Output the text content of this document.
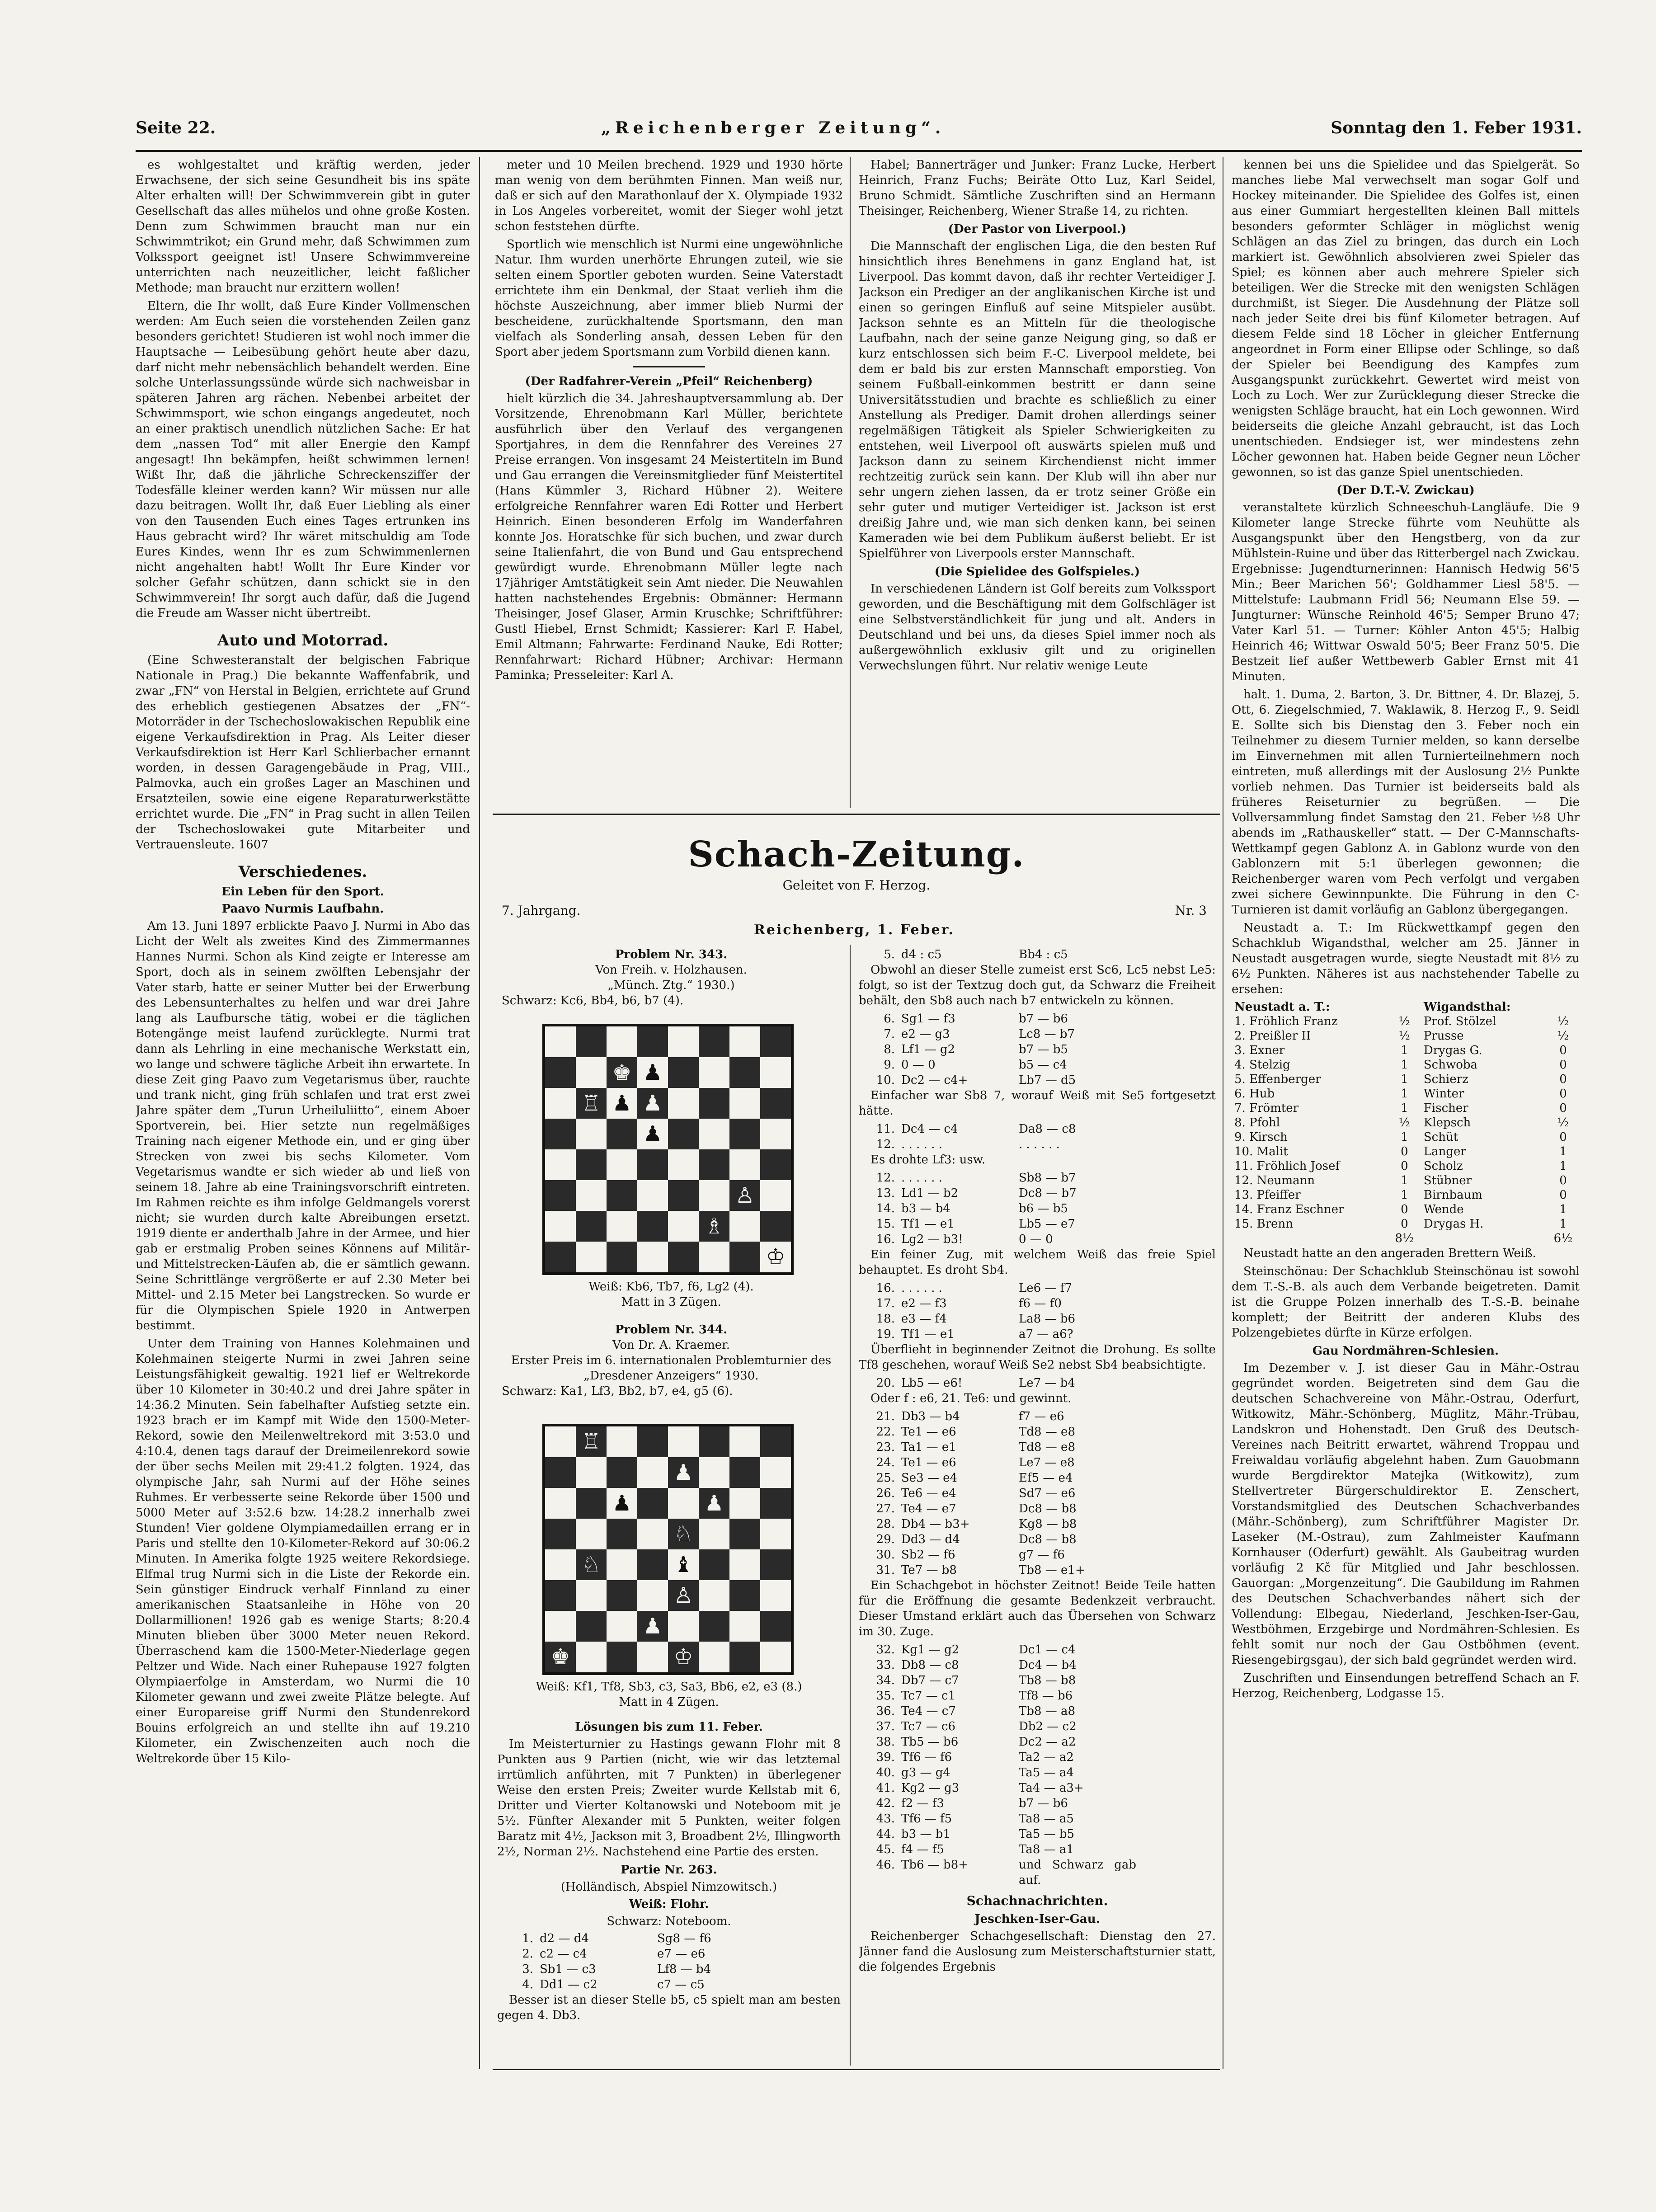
Seite 22.	„Reichenberger Zeitung“.	Sonntag den 1. Feber 1931.

es wohlgestaltet und kräftig werden, jeder Erwachsene, der sich seine Gesundheit bis ins späte Alter erhalten will! Der Schwimmverein gibt in guter Gesellschaft das alles mühelos und ohne große Kosten. Denn zum Schwimmen braucht man nur ein Schwimmtrikot; ein Grund mehr, daß Schwimmen zum Volkssport geeignet ist! Unsere Schwimmvereine unterrichten nach neuzeitlicher, leicht faßlicher Methode; man braucht nur erzittern wollen!

Eltern, die Ihr wollt, daß Eure Kinder Vollmenschen werden: Am Euch seien die vorstehenden Zeilen ganz besonders gerichtet! Studieren ist wohl noch immer die Hauptsache — Leibesübung gehört heute aber dazu, darf nicht mehr nebensächlich behandelt werden. Eine solche Unterlassungssünde würde sich nachweisbar in späteren Jahren arg rächen. Nebenbei arbeitet der Schwimmsport, wie schon eingangs angedeutet, noch an einer praktisch unendlich nützlichen Sache: Er hat dem „nassen Tod“ mit aller Energie den Kampf angesagt! Ihn bekämpfen, heißt schwimmen lernen! Wißt Ihr, daß die jährliche Schreckensziffer der Todesfälle kleiner werden kann? Wir müssen nur alle dazu beitragen. Wollt Ihr, daß Euer Liebling als einer von den Tausenden Euch eines Tages ertrunken ins Haus gebracht wird? Ihr wäret mitschuldig am Tode Eures Kindes, wenn Ihr es zum Schwimmenlernen nicht angehalten habt! Wollt Ihr Eure Kinder vor solcher Gefahr schützen, dann schickt sie in den Schwimmverein! Ihr sorgt auch dafür, daß die Jugend die Freude am Wasser nicht übertreibt.

Auto und Motorrad.

(Eine Schwesteranstalt der belgischen Fabrique Nationale in Prag.) Die bekannte Waffenfabrik, und zwar „FN“ von Herstal in Belgien, errichtete auf Grund des erheblich gestiegenen Absatzes der „FN“-Motorräder in der Tschechoslowakischen Republik eine eigene Verkaufsdirektion in Prag. Als Leiter dieser Verkaufsdirektion ist Herr Karl Schlierbacher ernannt worden, in dessen Garagengebäude in Prag, VIII., Palmovka, auch ein großes Lager an Maschinen und Ersatzteilen, sowie eine eigene Reparaturwerkstätte errichtet wurde. Die „FN“ in Prag sucht in allen Teilen der Tschechoslowakei gute Mitarbeiter und Vertrauensleute. 1607

Verschiedenes.
Ein Leben für den Sport.
Paavo Nurmis Laufbahn.

Am 13. Juni 1897 erblickte Paavo J. Nurmi in Abo das Licht der Welt als zweites Kind des Zimmermannes Hannes Nurmi. Schon als Kind zeigte er Interesse am Sport, doch als in seinem zwölften Lebensjahr der Vater starb, hatte er seiner Mutter bei der Erwerbung des Lebensunterhaltes zu helfen und war drei Jahre lang als Laufbursche tätig, wobei er die täglichen Botengänge meist laufend zurücklegte. Nurmi trat dann als Lehrling in eine mechanische Werkstatt ein, wo lange und schwere tägliche Arbeit ihn erwartete. In diese Zeit ging Paavo zum Vegetarismus über, rauchte und trank nicht, ging früh schlafen und trat erst zwei Jahre später dem „Turun Urheiluliitto“, einem Aboer Sportverein, bei. Hier setzte nun regelmäßiges Training nach eigener Methode ein, und er ging über Strecken von zwei bis sechs Kilometer. Vom Vegetarismus wandte er sich wieder ab und ließ von seinem 18. Jahre ab eine Trainingsvorschrift eintreten. Im Rahmen reichte es ihm infolge Geldmangels vorerst nicht; sie wurden durch kalte Abreibungen ersetzt. 1919 diente er anderthalb Jahre in der Armee, und hier gab er erstmalig Proben seines Könnens auf Militär- und Mittelstrecken-Läufen ab, die er sämtlich gewann. Seine Schrittlänge vergrößerte er auf 2.30 Meter bei Mittel- und 2.15 Meter bei Langstrecken. So wurde er für die Olympischen Spiele 1920 in Antwerpen bestimmt.

Unter dem Training von Hannes Kolehmainen und Kolehmainen steigerte Nurmi in zwei Jahren seine Leistungsfähigkeit gewaltig. 1921 lief er Weltrekorde über 10 Kilometer in 30:40.2 und drei Jahre später in 14:36.2 Minuten. Sein fabelhafter Aufstieg setzte ein. 1923 brach er im Kampf mit Wide den 1500-Meter-Rekord, sowie den Meilenweltrekord mit 3:53.0 und 4:10.4, denen tags darauf der Dreimeilenrekord sowie der über sechs Meilen mit 29:41.2 folgten. 1924, das olympische Jahr, sah Nurmi auf der Höhe seines Ruhmes. Er verbesserte seine Rekorde über 1500 und 5000 Meter auf 3:52.6 bzw. 14:28.2 innerhalb zwei Stunden! Vier goldene Olympiamedaillen errang er in Paris und stellte den 10-Kilometer-Rekord auf 30:06.2 Minuten. In Amerika folgte 1925 weitere Rekordsiege. Elfmal trug Nurmi sich in die Liste der Rekorde ein. Sein günstiger Eindruck verhalf Finnland zu einer amerikanischen Staatsanleihe in Höhe von 20 Dollarmillionen! 1926 gab es wenige Starts; 8:20.4 Minuten blieben über 3000 Meter neuen Rekord. Überraschend kam die 1500-Meter-Niederlage gegen Peltzer und Wide. Nach einer Ruhepause 1927 folgten Olympiaerfolge in Amsterdam, wo Nurmi die 10 Kilometer gewann und zwei zweite Plätze belegte. Auf einer Europareise griff Nurmi den Stundenrekord Bouins erfolgreich an und stellte ihn auf 19.210 Kilometer, ein Zwischenzeiten auch noch die Weltrekorde über 15 Kilo-

meter und 10 Meilen brechend. 1929 und 1930 hörte man wenig von dem berühmten Finnen. Man weiß nur, daß er sich auf den Marathonlauf der X. Olympiade 1932 in Los Angeles vorbereitet, womit der Sieger wohl jetzt schon feststehen dürfte.

Sportlich wie menschlich ist Nurmi eine ungewöhnliche Natur. Ihm wurden unerhörte Ehrungen zuteil, wie sie selten einem Sportler geboten wurden. Seine Vaterstadt errichtete ihm ein Denkmal, der Staat verlieh ihm die höchste Auszeichnung, aber immer blieb Nurmi der bescheidene, zurückhaltende Sportsmann, den man vielfach als Sonderling ansah, dessen Leben für den Sport aber jedem Sportsmann zum Vorbild dienen kann.

(Der Radfahrer-Verein „Pfeil“ Reichenberg)

hielt kürzlich die 34. Jahreshauptversammlung ab. Der Vorsitzende, Ehrenobmann Karl Müller, berichtete ausführlich über den Verlauf des vergangenen Sportjahres, in dem die Rennfahrer des Vereines 27 Preise errangen. Von insgesamt 24 Meistertiteln im Bund und Gau errangen die Vereinsmitglieder fünf Meistertitel (Hans Kümmler 3, Richard Hübner 2). Weitere erfolgreiche Rennfahrer waren Edi Rotter und Herbert Heinrich. Einen besonderen Erfolg im Wanderfahren konnte Jos. Horatschke für sich buchen, und zwar durch seine Italienfahrt, die von Bund und Gau entsprechend gewürdigt wurde. Ehrenobmann Müller legte nach 17jähriger Amtstätigkeit sein Amt nieder. Die Neuwahlen hatten nachstehendes Ergebnis: Obmänner: Hermann Theisinger, Josef Glaser, Armin Kruschke; Schriftführer: Gustl Hiebel, Ernst Schmidt; Kassierer: Karl F. Habel, Emil Altmann; Fahrwarte: Ferdinand Nauke, Edi Rotter; Rennfahrwart: Richard Hübner; Archivar: Hermann Paminka; Presseleiter: Karl A.

Habel; Bannerträger und Junker: Franz Lucke, Herbert Heinrich, Franz Fuchs; Beiräte Otto Luz, Karl Seidel, Bruno Schmidt. Sämtliche Zuschriften sind an Hermann Theisinger, Reichenberg, Wiener Straße 14, zu richten.

(Der Pastor von Liverpool.)

Die Mannschaft der englischen Liga, die den besten Ruf hinsichtlich ihres Benehmens in ganz England hat, ist Liverpool. Das kommt davon, daß ihr rechter Verteidiger J. Jackson ein Prediger an der anglikanischen Kirche ist und einen so geringen Einfluß auf seine Mitspieler ausübt. Jackson sehnte es an Mitteln für die theologische Laufbahn, nach der seine ganze Neigung ging, so daß er kurz entschlossen sich beim F.-C. Liverpool meldete, bei dem er bald bis zur ersten Mannschaft emporstieg. Von seinem Fußball-einkommen bestritt er dann seine Universitätsstudien und brachte es schließlich zu einer Anstellung als Prediger. Damit drohen allerdings seiner regelmäßigen Tätigkeit als Spieler Schwierigkeiten zu entstehen, weil Liverpool oft auswärts spielen muß und Jackson dann zu seinem Kirchendienst nicht immer rechtzeitig zurück sein kann. Der Klub will ihn aber nur sehr ungern ziehen lassen, da er trotz seiner Größe ein sehr guter und mutiger Verteidiger ist. Jackson ist erst dreißig Jahre und, wie man sich denken kann, bei seinen Kameraden wie bei dem Publikum äußerst beliebt. Er ist Spielführer von Liverpools erster Mannschaft.

(Die Spielidee des Golfspieles.)

In verschiedenen Ländern ist Golf bereits zum Volkssport geworden, und die Beschäftigung mit dem Golfschläger ist eine Selbstverständlichkeit für jung und alt. Anders in Deutschland und bei uns, da dieses Spiel immer noch als außergewöhnlich exklusiv gilt und zu originellen Verwechslungen führt. Nur relativ wenige Leute

kennen bei uns die Spielidee und das Spielgerät. So manches liebe Mal verwechselt man sogar Golf und Hockey miteinander. Die Spielidee des Golfes ist, einen aus einer Gummiart hergestellten kleinen Ball mittels besonders geformter Schläger in möglichst wenig Schlägen an das Ziel zu bringen, das durch ein Loch markiert ist. Gewöhnlich absolvieren zwei Spieler das Spiel; es können aber auch mehrere Spieler sich beteiligen. Wer die Strecke mit den wenigsten Schlägen durchmißt, ist Sieger. Die Ausdehnung der Plätze soll nach jeder Seite drei bis fünf Kilometer betragen. Auf diesem Felde sind 18 Löcher in gleicher Entfernung angeordnet in Form einer Ellipse oder Schlinge, so daß der Spieler bei Beendigung des Kampfes zum Ausgangspunkt zurückkehrt. Gewertet wird meist von Loch zu Loch. Wer zur Zurücklegung dieser Strecke die wenigsten Schläge braucht, hat ein Loch gewonnen. Wird beiderseits die gleiche Anzahl gebraucht, ist das Loch unentschieden. Endsieger ist, wer mindestens zehn Löcher gewonnen hat. Haben beide Gegner neun Löcher gewonnen, so ist das ganze Spiel unentschieden.

(Der D.T.-V. Zwickau)

veranstaltete kürzlich Schneeschuh-Langläufe. Die 9 Kilometer lange Strecke führte vom Neuhütte als Ausgangspunkt über den Hengstberg, von da zur Mühlstein-Ruine und über das Ritterbergel nach Zwickau. Ergebnisse: Jugendturnerinnen: Hannisch Hedwig 56'5 Min.; Beer Marichen 56'; Goldhammer Liesl 58'5. — Mittelstufe: Laubmann Fridl 56; Neumann Else 59. — Jungturner: Wünsche Reinhold 46'5; Semper Bruno 47; Vater Karl 51. — Turner: Köhler Anton 45'5; Halbig Heinrich 46; Wittwar Oswald 50'5; Beer Franz 50'5. Die Bestzeit lief außer Wettbewerb Gabler Ernst mit 41 Minuten.

halt. 1. Duma, 2. Barton, 3. Dr. Bittner, 4. Dr. Blazej, 5. Ott, 6. Ziegelschmied, 7. Waklawik, 8. Herzog F., 9. Seidl E. Sollte sich bis Dienstag den 3. Feber noch ein Teilnehmer zu diesem Turnier melden, so kann derselbe im Einvernehmen mit allen Turnierteilnehmern noch eintreten, muß allerdings mit der Auslosung 2½ Punkte vorlieb nehmen. Das Turnier ist beiderseits bald als früheres Reiseturnier zu begrüßen. — Die Vollversammlung findet Samstag den 21. Feber ½8 Uhr abends im „Rathauskeller“ statt. — Der C-Mannschafts-Wettkampf gegen Gablonz A. in Gablonz wurde von den Gablonzern mit 5:1 überlegen gewonnen; die Reichenberger waren vom Pech verfolgt und vergaben zwei sichere Gewinnpunkte. Die Führung in den C-Turnieren ist damit vorläufig an Gablonz übergegangen.

Neustadt a. T.: Im Rückwettkampf gegen den Schachklub Wigandsthal, welcher am 25. Jänner in Neustadt ausgetragen wurde, siegte Neustadt mit 8½ zu 6½ Punkten. Näheres ist aus nachstehender Tabelle zu ersehen:

Neustadt a. T.:		Wigandsthal:	
1. Fröhlich Franz	½	Prof. Stölzel	½
2. Preißler II	½	Prusse	½
3. Exner	1	Drygas G.	0
4. Stelzig	1	Schwoba	0
5. Effenberger	1	Schierz	0
6. Hub	1	Winter	0
7. Frömter	1	Fischer	0
8. Pfohl	½	Klepsch	½
9. Kirsch	1	Schüt	0
10. Malit	0	Langer	1
11. Fröhlich Josef	0	Scholz	1
12. Neumann	1	Stübner	0
13. Pfeiffer	1	Birnbaum	0
14. Franz Eschner	0	Wende	1
15. Brenn	0	Drygas H.	1
	8½		6½

Neustadt hatte an den angeraden Brettern Weiß.

Steinschönau: Der Schachklub Steinschönau ist sowohl dem T.-S.-B. als auch dem Verbande beigetreten. Damit ist die Gruppe Polzen innerhalb des T.-S.-B. beinahe komplett; der Beitritt der anderen Klubs des Polzengebietes dürfte in Kürze erfolgen.

Gau Nordmähren-Schlesien.

Im Dezember v. J. ist dieser Gau in Mähr.-Ostrau gegründet worden. Beigetreten sind dem Gau die deutschen Schachvereine von Mähr.-Ostrau, Oderfurt, Witkowitz, Mähr.-Schönberg, Müglitz, Mähr.-Trübau, Landskron und Hohenstadt. Den Gruß des Deutsch-Vereines nach Beitritt erwartet, während Troppau und Freiwaldau vorläufig abgelehnt haben. Zum Gauobmann wurde Bergdirektor Matejka (Witkowitz), zum Stellvertreter Bürgerschuldirektor E. Zenschert, Vorstandsmitglied des Deutschen Schachverbandes (Mähr.-Schönberg), zum Schriftführer Magister Dr. Laseker (M.-Ostrau), zum Zahlmeister Kaufmann Kornhauser (Oderfurt) gewählt. Als Gaubeitrag wurden vorläufig 2 Kč für Mitglied und Jahr beschlossen. Gauorgan: „Morgenzeitung“. Die Gaubildung im Rahmen des Deutschen Schachverbandes nähert sich der Vollendung: Elbegau, Niederland, Jeschken-Iser-Gau, Westböhmen, Erzgebirge und Nordmähren-Schlesien. Es fehlt somit nur noch der Gau Ostböhmen (event. Riesengebirgsgau), der sich bald gegründet werden wird.

Zuschriften und Einsendungen betreffend Schach an F. Herzog, Reichenberg, Lodgasse 15.

Schach-Zeitung.
Geleitet von F. Herzog.
7. Jahrgang.	Nr. 3
Reichenberg, 1. Feber.
Problem Nr. 343.
Von Freih. v. Holzhausen.
„Münch. Ztg.“ 1930.)
Schwarz: Kc6, Bb4, b6, b7 (4).
♚ ♟
♖ ♟ ♟
♟
♙
♗
♔
Weiß: Kb6, Tb7, f6, Lg2 (4).
Matt in 3 Zügen.
Problem Nr. 344.
Von Dr. A. Kraemer.
Erster Preis im 6. internationalen Problemturnier des „Dresdener Anzeigers“ 1930.
Schwarz: Ka1, Lf3, Bb2, b7, e4, g5 (6).
♖
♟
♟	♟
♘
♘	♝
♙
♟
♚	♔
Weiß: Kf1, Tf8, Sb3, c3, Sa3, Bb6, e2, e3 (8.)
Matt in 4 Zügen.
Lösungen bis zum 11. Feber.

Im Meisterturnier zu Hastings gewann Flohr mit 8 Punkten aus 9 Partien (nicht, wie wir das letztemal irrtümlich anführten, mit 7 Punkten) in überlegener Weise den ersten Preis; Zweiter wurde Kellstab mit 6, Dritter und Vierter Koltanowski und Noteboom mit je 5½. Fünfter Alexander mit 5 Punkten, weiter folgen Baratz mit 4½, Jackson mit 3, Broadbent 2½, Illingworth 2½, Norman 2½. Nachstehend eine Partie des ersten.

Partie Nr. 263.
(Holländisch, Abspiel Nimzowitsch.)
Weiß: Flohr.
Schwarz: Noteboom.
1. d2 — d4	Sg8 — f6
2. c2 — c4	e7 — e6
3. Sb1 — c3	Lf8 — b4
4. Dd1 — c2	c7 — c5

Besser ist an dieser Stelle b5, c5 spielt man am besten gegen 4. Db3.

5. d4 : c5	Bb4 : c5

Obwohl an dieser Stelle zumeist erst Sc6, Lc5 nebst Le5: folgt, so ist der Textzug doch gut, da Schwarz die Freiheit behält, den Sb8 auch nach b7 entwickeln zu können.

6. Sg1 — f3	b7 — b6
7. e2 — g3	Lc8 — b7
8. Lf1 — g2	b7 — b5
9. 0 — 0	b5 — c4
10. Dc2 — c4+	Lb7 — d5

Einfacher war Sb8 7, worauf Weiß mit Se5 fortgesetzt hätte.

11. Dc4 — c4	Da8 — c8
12. . . . . . .	. . . . . .

Es drohte Lf3: usw.

12. . . . . . .	Sb8 — b7
13. Ld1 — b2	Dc8 — b7
14. b3 — b4	b6 — b5
15. Tf1 — e1	Lb5 — e7
16. Lg2 — b3!	0 — 0

Ein feiner Zug, mit welchem Weiß das freie Spiel behauptet. Es droht Sb4.

16. . . . . . .	Le6 — f7
17. e2 — f3	f6 — f0
18. e3 — f4	La8 — b6
19. Tf1 — e1	a7 — a6?

Überflieht in beginnender Zeitnot die Drohung. Es sollte Tf8 geschehen, worauf Weiß Se2 nebst Sb4 beabsichtigte.

20. Lb5 — e6!	Le7 — b4

Oder f : e6, 21. Te6: und gewinnt.

21. Db3 — b4	f7 — e6
22. Te1 — e6	Td8 — e8
23. Ta1 — e1	Td8 — e8
24. Te1 — e6	Le7 — e8
25. Se3 — e4	Ef5 — e4
26. Te6 — e4	Sd7 — e6
27. Te4 — e7	Dc8 — b8
28. Db4 — b3+	Kg8 — b8
29. Dd3 — d4	Dc8 — b8
30. Sb2 — f6	g7 — f6
31. Te7 — b8	Tb8 — e1+

Ein Schachgebot in höchster Zeitnot! Beide Teile hatten für die Eröffnung die gesamte Bedenkzeit verbraucht. Dieser Umstand erklärt auch das Übersehen von Schwarz im 30. Zuge.

32. Kg1 — g2	Dc1 — c4
33. Db8 — c8	Dc4 — b4
34. Db7 — c7	Tb8 — b8
35. Tc7 — c1	Tf8 — b6
36. Te4 — c7	Tb8 — a8
37. Tc7 — c6	Db2 — c2
38. Tb5 — b6	Dc2 — a2
39. Tf6 — f6	Ta2 — a2
40. g3 — g4	Ta5 — a4
41. Kg2 — g3	Ta4 — a3+
42. f2 — f3	b7 — b6
43. Tf6 — f5	Ta8 — a5
44. b3 — b1	Ta5 — b5
45. f4 — f5	Ta8 — a1
46. Tb6 — b8+	und Schwarz gab auf.
Schachnachrichten.
Jeschken-Iser-Gau.

Reichenberger Schachgesellschaft: Dienstag den 27. Jänner fand die Auslosung zum Meisterschaftsturnier statt, die folgendes Ergebnis
